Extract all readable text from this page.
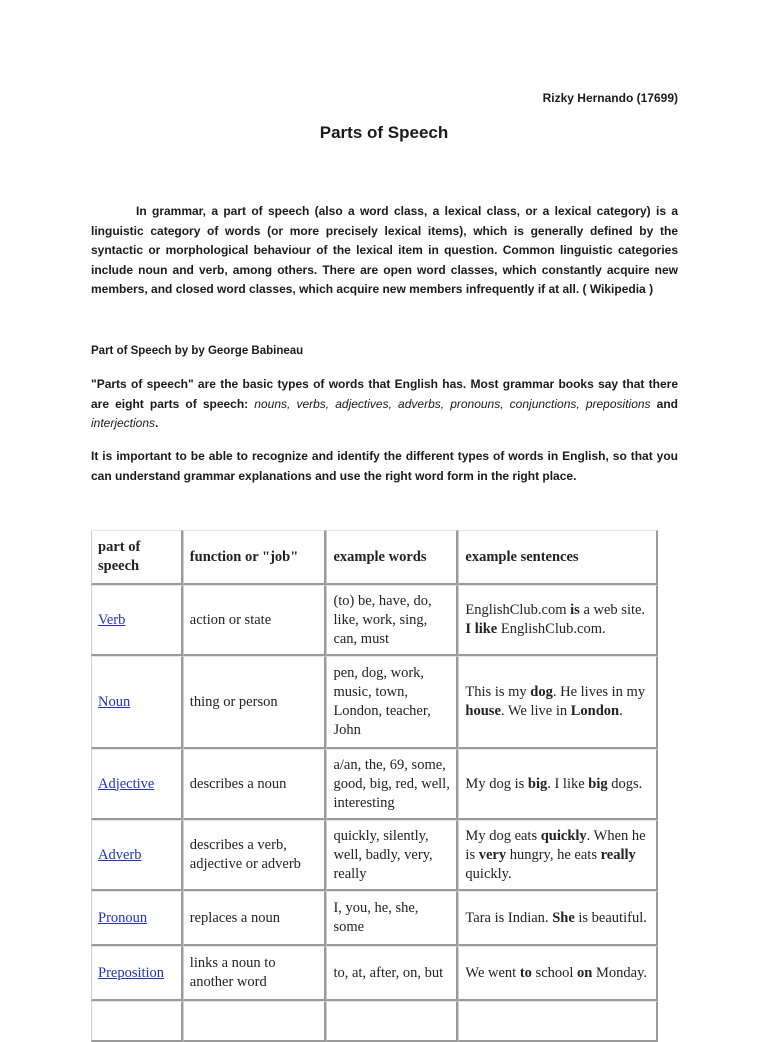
Rizky Hernando (17699)
Parts of Speech

In grammar, a part of speech (also a word class, a lexical class, or a lexical category) is a linguistic category of words (or more precisely lexical items), which is generally defined by the syntactic or morphological behaviour of the lexical item in question. Common linguistic categories include noun and verb, among others. There are open word classes, which constantly acquire new members, and closed word classes, which acquire new members infrequently if at all. ( Wikipedia )

Part of Speech by by George Babineau

"Parts of speech" are the basic types of words that English has. Most grammar books say that there are eight parts of speech: nouns, verbs, adjectives, adverbs, pronouns, conjunctions, prepositions and interjections.

It is important to be able to recognize and identify the different types of words in English, so that you can understand grammar explanations and use the right word form in the right place.

part of speech	function or "job"	example words	example sentences
Verb	action or state	(to) be, have, do, like, work, sing, can, must	EnglishClub.com is a web site. I like EnglishClub.com.
Noun	thing or person	pen, dog, work, music, town, London, teacher, John	This is my dog. He lives in my house. We live in London.
Adjective	describes a noun	a/an, the, 69, some, good, big, red, well, interesting	My dog is big. I like big dogs.
Adverb	describes a verb, adjective or adverb	quickly, silently, well, badly, very, really	My dog eats quickly. When he is very hungry, he eats really quickly.
Pronoun	replaces a noun	I, you, he, she, some	Tara is Indian. She is beautiful.
Preposition	links a noun to another word	to, at, after, on, but	We went to school on Monday.
